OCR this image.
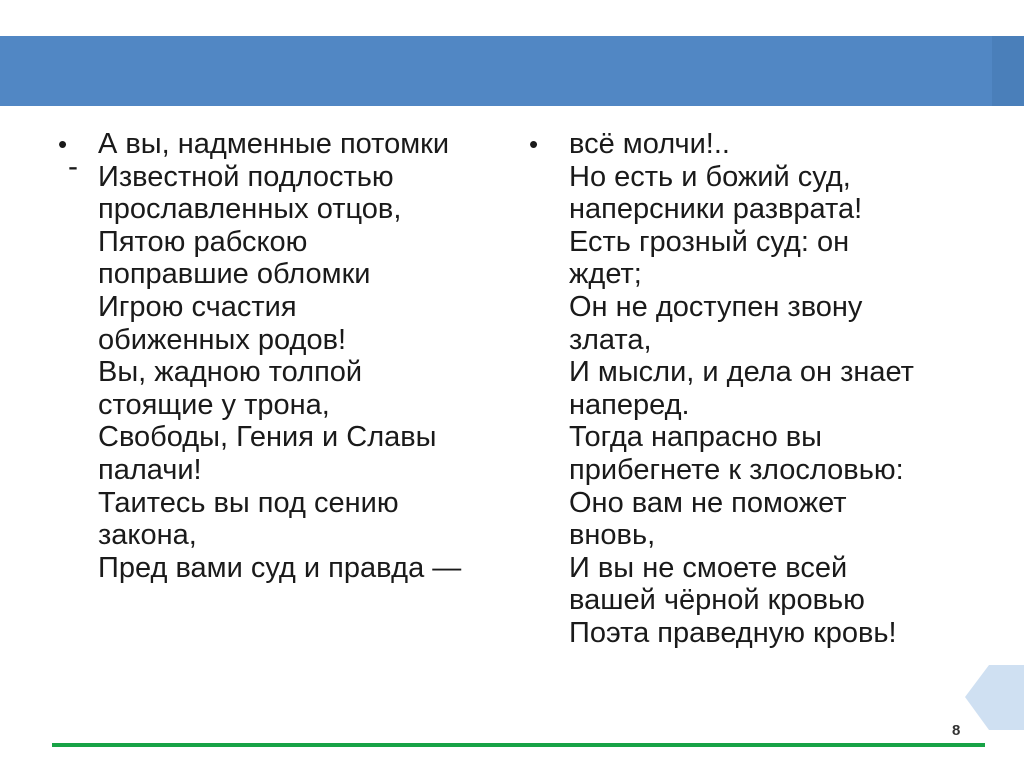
-
•	А вы, надменные потомки
Известной подлостью
прославленных отцов,
Пятою рабскою
поправшие обломки
Игрою счастия
обиженных родов!
Вы, жадною толпой
стоящие у трона,
Свободы, Гения и Славы
палачи!
Таитесь вы под сению
закона,
Пред вами суд и правда —
•	всё молчи!..
Но есть и божий суд,
наперсники разврата!
Есть грозный суд: он
ждет;
Он не доступен звону
злата,
И мысли, и дела он знает
наперед.
Тогда напрасно вы
прибегнете к злословью:
Оно вам не поможет
вновь,
И вы не смоете всей
вашей чёрной кровью
Поэта праведную кровь!
8
